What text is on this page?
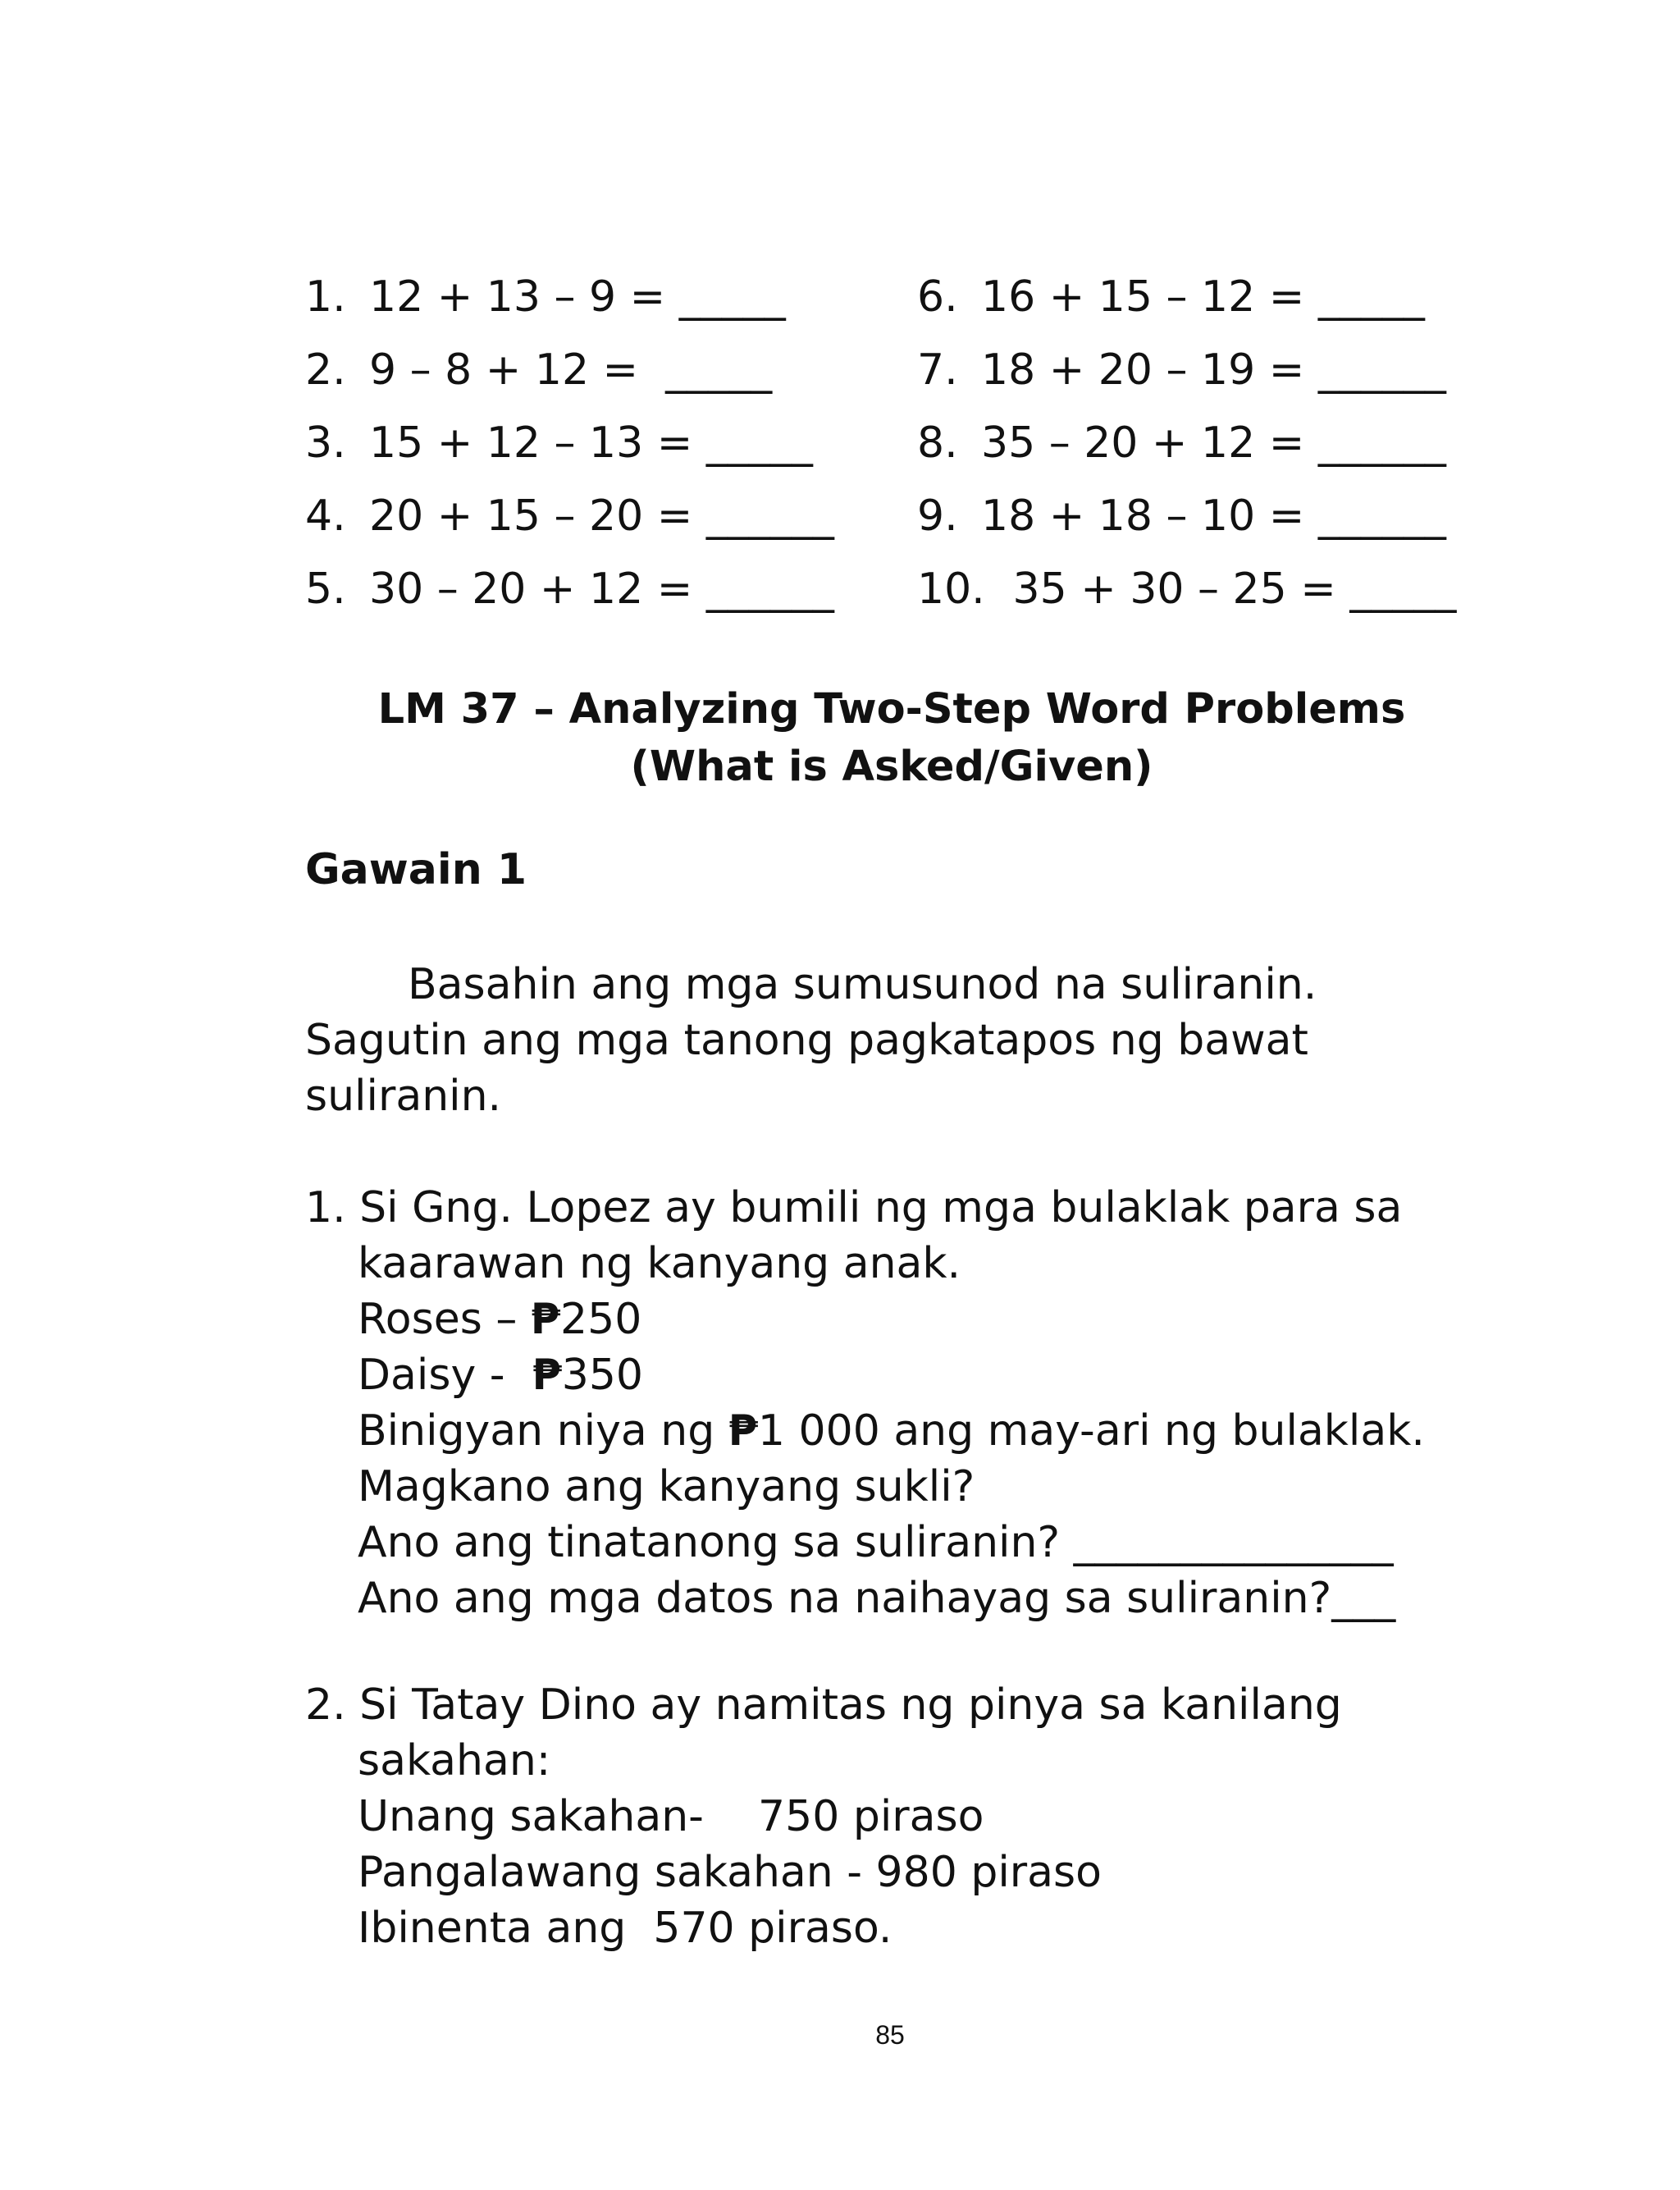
1. 12 + 13 – 9 = _____
2. 9 – 8 + 12 =  _____
3. 15 + 12 – 13 = _____
4. 20 + 15 – 20 = ______
5. 30 – 20 + 12 = ______
6. 16 + 15 – 12 = _____
7. 18 + 20 – 19 = ______
8. 35 – 20 + 12 = ______
9. 18 + 18 – 10 = ______
10. 35 + 30 – 25 = _____
LM 37 – Analyzing Two-Step Word Problems (What is Asked/Given)
Gawain 1
Basahin ang mga sumusunod na suliranin. Sagutin ang mga tanong pagkatapos ng bawat suliranin.
1. Si Gng. Lopez ay bumili ng mga bulaklak para sa
kaarawan ng kanyang anak.
Roses – ₱250
Daisy -  ₱350
Binigyan niya ng ₱1 000 ang may-ari ng bulaklak.
Magkano ang kanyang sukli?
Ano ang tinatanong sa suliranin? _______________
Ano ang mga datos na naihayag sa suliranin?___
2. Si Tatay Dino ay namitas ng pinya sa kanilang
sakahan:
Unang sakahan-    750 piraso
Pangalawang sakahan - 980 piraso
Ibinenta ang  570 piraso.
85
